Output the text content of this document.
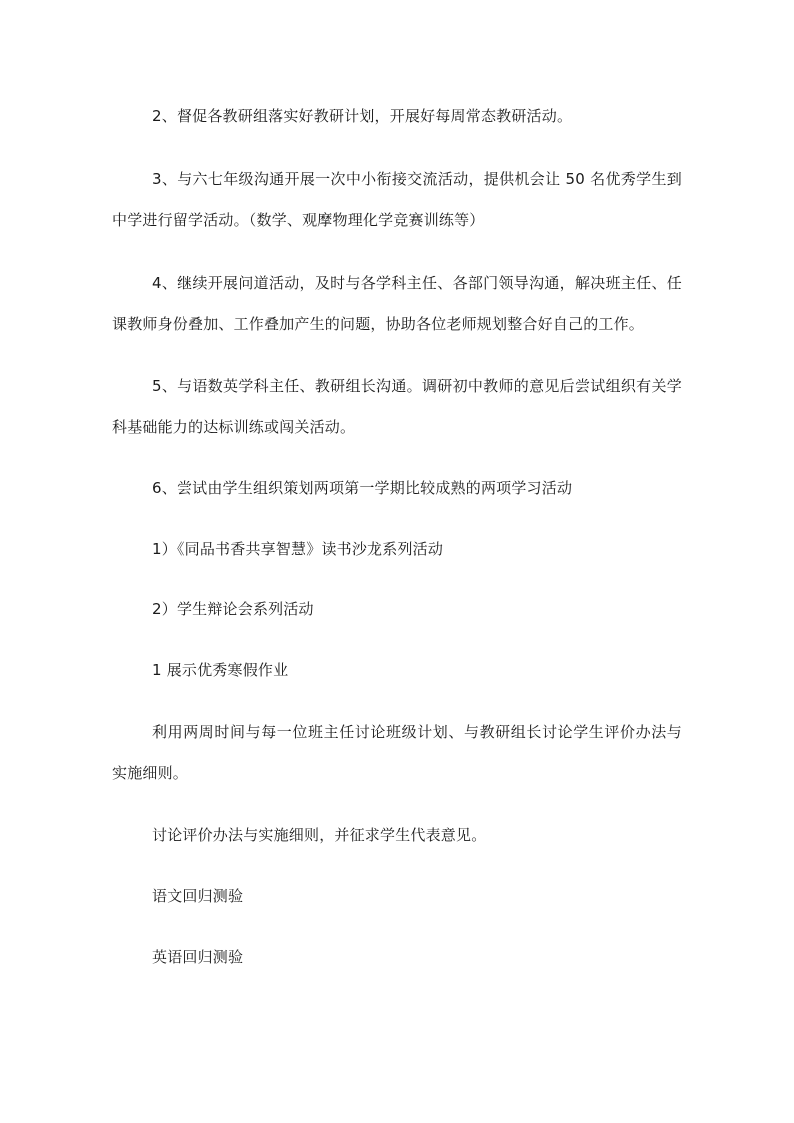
2、督促各教研组落实好教研计划，开展好每周常态教研活动。

3、与六七年级沟通开展一次中小衔接交流活动，提供机会让 50 名优秀学生到中学进行留学活动。（数学、观摩物理化学竞赛训练等）

4、继续开展问道活动，及时与各学科主任、各部门领导沟通，解决班主任、任课教师身份叠加、工作叠加产生的问题，协助各位老师规划整合好自己的工作。

5、与语数英学科主任、教研组长沟通。调研初中教师的意见后尝试组织有关学科基础能力的达标训练或闯关活动。

6、尝试由学生组织策划两项第一学期比较成熟的两项学习活动

1）《同品书香共享智慧》读书沙龙系列活动

2）学生辩论会系列活动

1 展示优秀寒假作业

利用两周时间与每一位班主任讨论班级计划、与教研组长讨论学生评价办法与实施细则。

讨论评价办法与实施细则，并征求学生代表意见。

语文回归测验

英语回归测验
